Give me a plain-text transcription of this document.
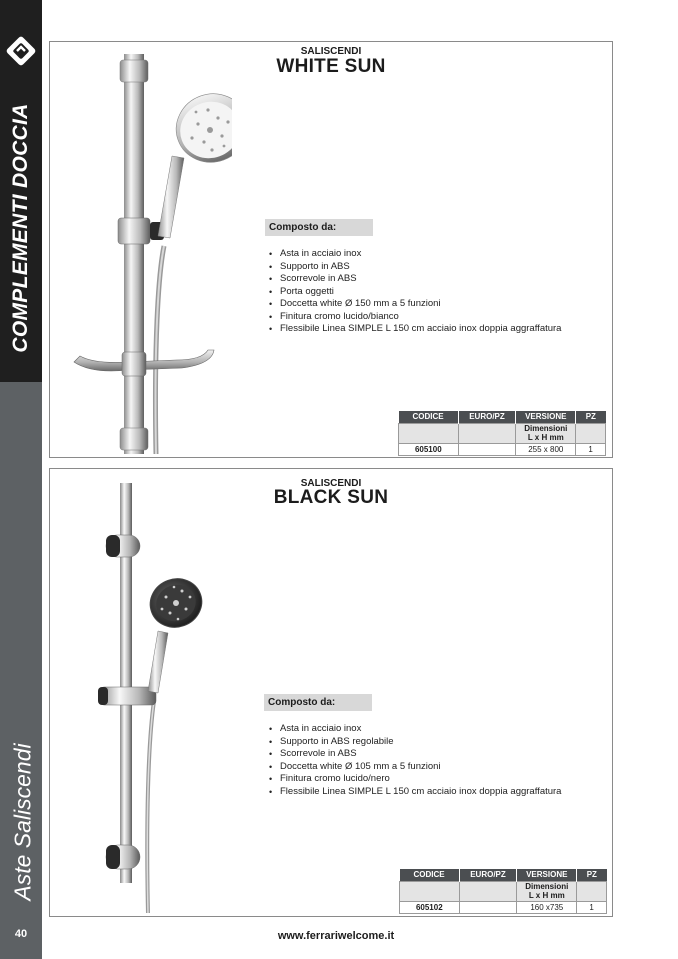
COMPLEMENTI DOCCIA
Aste Saliscendi
40
SALISCENDI
WHITE SUN
Composto da:
• Asta in acciaio inox
• Supporto in ABS
• Scorrevole in ABS
• Porta oggetti
• Doccetta white Ø 150 mm a 5 funzioni
• Finitura cromo lucido/bianco
• Flessibile Linea SIMPLE L 150 cm acciaio inox doppia aggraffatura
CODICE	EURO/PZ	VERSIONE	PZ
		Dimensioni
L x H mm	
605100		255 x 800	1
SALISCENDI
BLACK SUN
Composto da:
• Asta in acciaio inox
• Supporto in ABS regolabile
• Scorrevole in ABS
• Doccetta white Ø 105 mm a 5 funzioni
• Finitura cromo lucido/nero
• Flessibile Linea SIMPLE L 150 cm acciaio inox doppia aggraffatura
CODICE	EURO/PZ	VERSIONE	PZ
		Dimensioni
L x H mm	
605102		160 x735	1
www.ferrariwelcome.it
